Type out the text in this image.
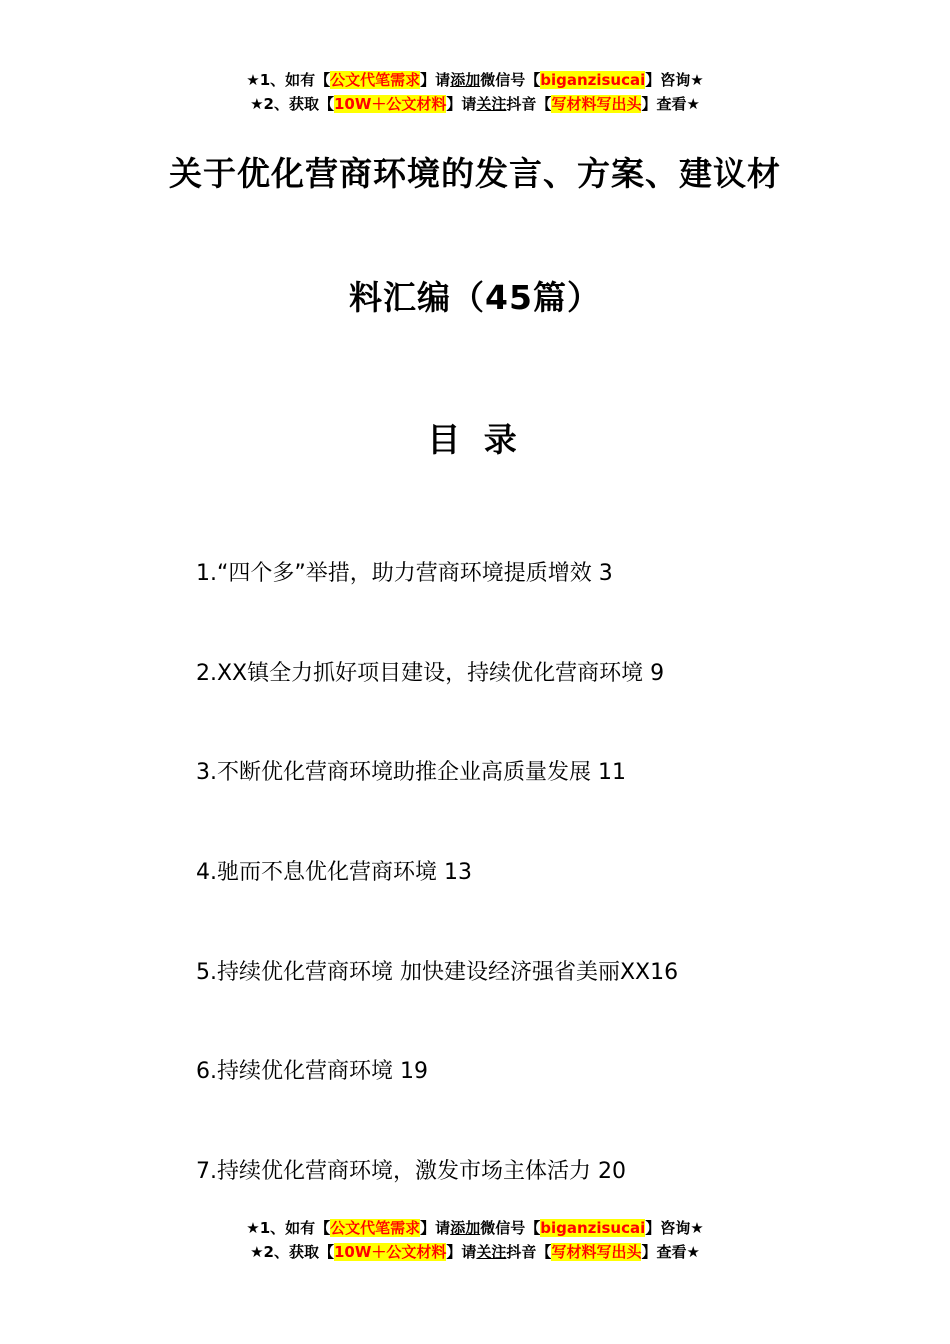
★1、如有【公文代笔需求】请添加微信号【biganzisucai】咨询★
★2、获取【10W＋公文材料】请关注抖音【写材料写出头】查看★
关于优化营商环境的发言、方案、建议材
料汇编（45篇）
目 录
1.“四个多”举措，助力营商环境提质增效 3
2.XX镇全力抓好项目建设，持续优化营商环境 9
3.不断优化营商环境助推企业高质量发展 11
4.驰而不息优化营商环境 13
5.持续优化营商环境 加快建设经济强省美丽XX16
6.持续优化营商环境 19
7.持续优化营商环境，激发市场主体活力 20
★1、如有【公文代笔需求】请添加微信号【biganzisucai】咨询★
★2、获取【10W＋公文材料】请关注抖音【写材料写出头】查看★
